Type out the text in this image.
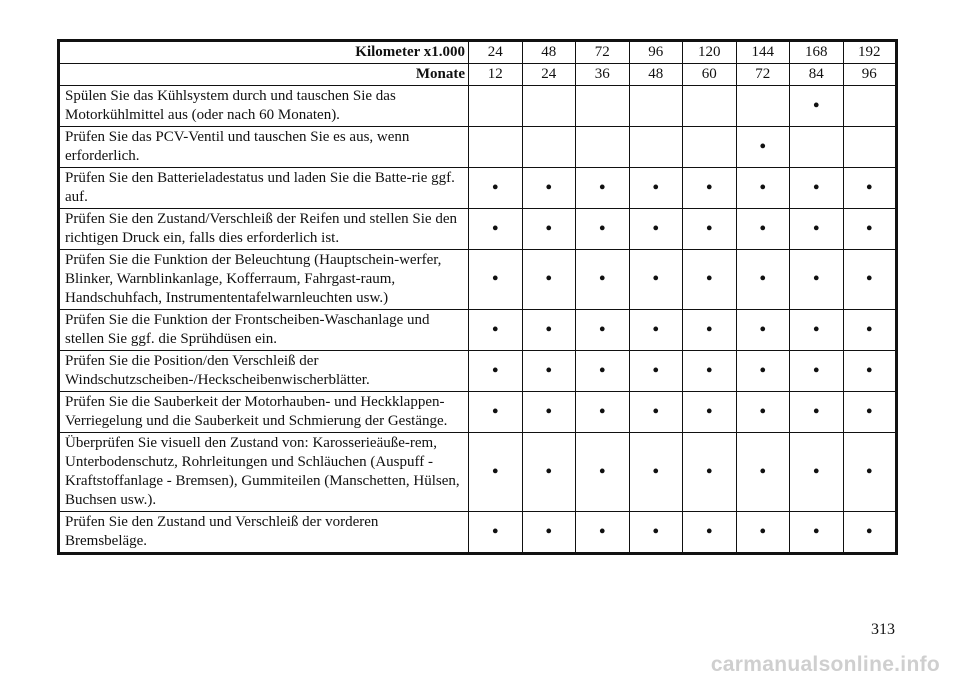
Kilometer x1.000	24	48	72	96	120	144	168	192
Monate	12	24	36	48	60	72	84	96
Spülen Sie das Kühlsystem durch und tauschen Sie das Motorkühlmittel aus (oder nach 60 Monaten).							•	
Prüfen Sie das PCV-Ventil und tauschen Sie es aus, wenn erforderlich.						•		
Prüfen Sie den Batterieladestatus und laden Sie die Batte-rie ggf. auf.	•	•	•	•	•	•	•	•
Prüfen Sie den Zustand/Verschleiß der Reifen und stellen Sie den richtigen Druck ein, falls dies erforderlich ist.	•	•	•	•	•	•	•	•
Prüfen Sie die Funktion der Beleuchtung (Hauptschein-werfer, Blinker, Warnblinkanlage, Kofferraum, Fahrgast-raum, Handschuhfach, Instrumententafelwarnleuchten usw.)	•	•	•	•	•	•	•	•
Prüfen Sie die Funktion der Frontscheiben-Waschanlage und stellen Sie ggf. die Sprühdüsen ein.	•	•	•	•	•	•	•	•
Prüfen Sie die Position/den Verschleiß der Windschutzscheiben-/Heckscheibenwischerblätter.	•	•	•	•	•	•	•	•
Prüfen Sie die Sauberkeit der Motorhauben- und Heckklappen-Verriegelung und die Sauberkeit und Schmierung der Gestänge.	•	•	•	•	•	•	•	•
Überprüfen Sie visuell den Zustand von: Karosserieäuße-rem, Unterbodenschutz, Rohrleitungen und Schläuchen (Auspuff - Kraftstoffanlage - Bremsen), Gummiteilen (Manschetten, Hülsen, Buchsen usw.).	•	•	•	•	•	•	•	•
Prüfen Sie den Zustand und Verschleiß der vorderen Bremsbeläge.	•	•	•	•	•	•	•	•
313
carmanualsonline.info
